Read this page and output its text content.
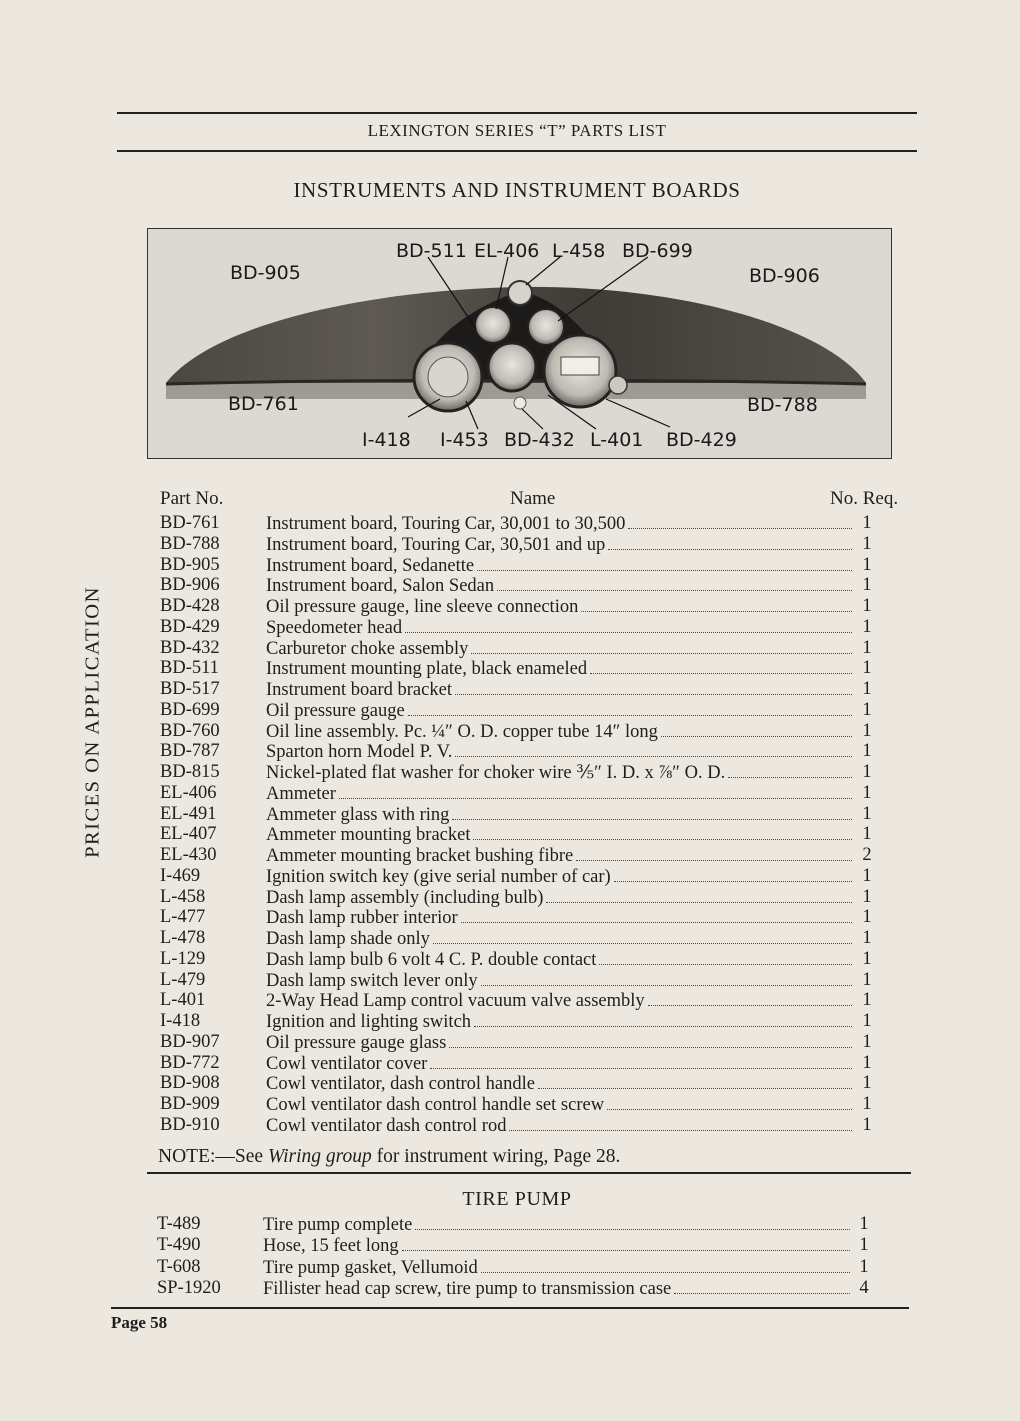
LEXINGTON SERIES “T” PARTS LIST
INSTRUMENTS AND INSTRUMENT BOARDS
BD-905
BD-511 EL-406 L-458 BD-699
BD-906
BD-761	BD-788
I-418 I-453 BD-432 L-401 BD-429
PRICES ON APPLICATION
Part No.	Name	No. Req.
BD-761	Instrument board, Touring Car, 30,001 to 30,500	1
BD-788	Instrument board, Touring Car, 30,501 and up	1
BD-905	Instrument board, Sedanette	1
BD-906	Instrument board, Salon Sedan	1
BD-428	Oil pressure gauge, line sleeve connection	1
BD-429	Speedometer head	1
BD-432	Carburetor choke assembly	1
BD-511	Instrument mounting plate, black enameled	1
BD-517	Instrument board bracket	1
BD-699	Oil pressure gauge	1
BD-760	Oil line assembly. Pc. ¼″ O. D. copper tube 14″ long	1
BD-787	Sparton horn Model P. V.	1
BD-815	Nickel-plated flat washer for choker wire ⅗″ I. D. x ⅞″ O. D.	1
EL-406	Ammeter	1
EL-491	Ammeter glass with ring	1
EL-407	Ammeter mounting bracket	1
EL-430	Ammeter mounting bracket bushing fibre	2
I-469	Ignition switch key (give serial number of car)	1
L-458	Dash lamp assembly (including bulb)	1
L-477	Dash lamp rubber interior	1
L-478	Dash lamp shade only	1
L-129	Dash lamp bulb 6 volt 4 C. P. double contact	1
L-479	Dash lamp switch lever only	1
L-401	2-Way Head Lamp control vacuum valve assembly	1
I-418	Ignition and lighting switch	1
BD-907	Oil pressure gauge glass	1
BD-772	Cowl ventilator cover	1
BD-908	Cowl ventilator, dash control handle	1
BD-909	Cowl ventilator dash control handle set screw	1
BD-910	Cowl ventilator dash control rod	1
NOTE:—See Wiring group for instrument wiring, Page 28.
TIRE PUMP
T-489	Tire pump complete	1
T-490	Hose, 15 feet long	1
T-608	Tire pump gasket, Vellumoid	1
SP-1920 Fillister head cap screw, tire pump to transmission case	4
Page 58
